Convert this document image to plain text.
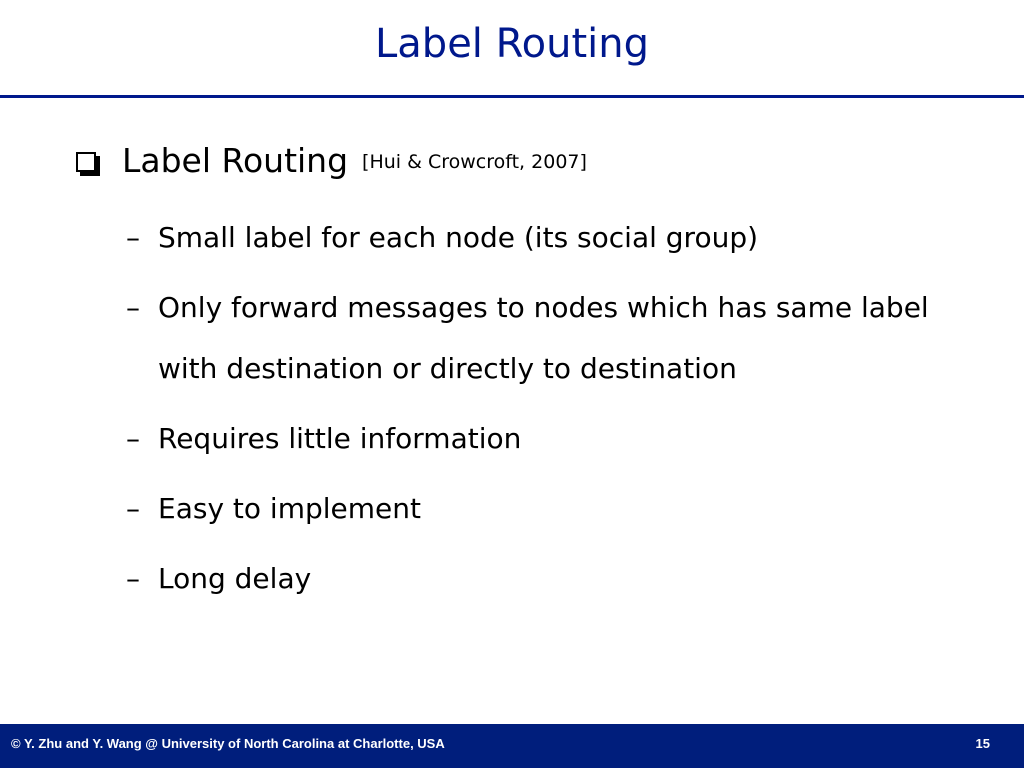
Label Routing
Label Routing [Hui & Crowcroft, 2007]
– Small label for each node (its social group)
– Only forward messages to nodes which has same label with destination or directly to destination
– Requires little information
– Easy to implement
– Long delay
© Y. Zhu and Y. Wang @ University of North Carolina at Charlotte, USA	15
